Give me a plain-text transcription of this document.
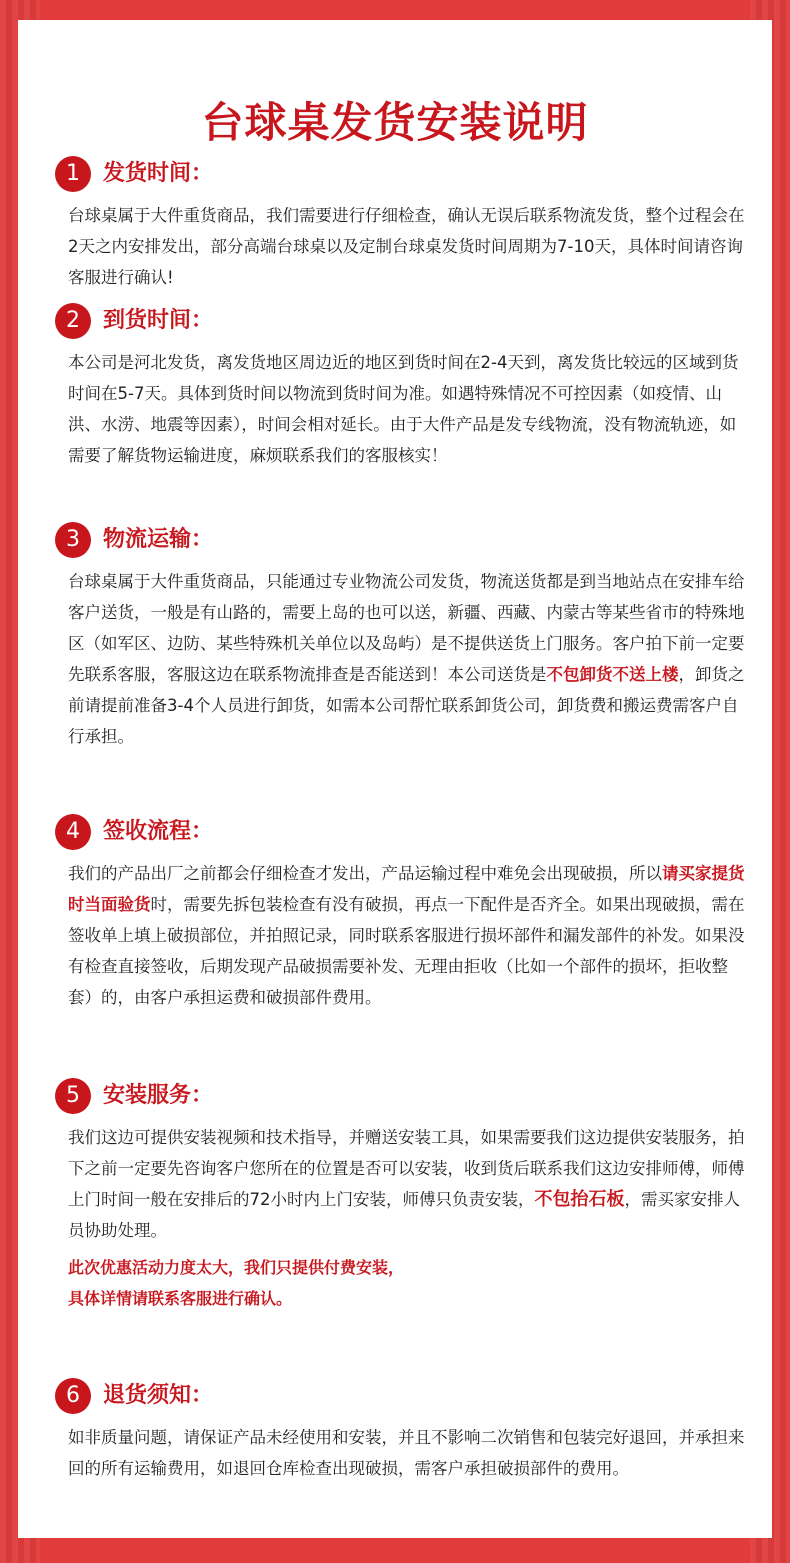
台球桌发货安装说明
1	发货时间：

台球桌属于大件重货商品，我们需要进行仔细检查，确认无误后联系物流发货，整个过程会在2天之内安排发出，部分高端台球桌以及定制台球桌发货时间周期为7-10天，具体时间请咨询客服进行确认!

2	到货时间：

本公司是河北发货，离发货地区周边近的地区到货时间在2-4天到，离发货比较远的区域到货时间在5-7天。具体到货时间以物流到货时间为准。如遇特殊情况不可控因素（如疫情、山洪、水涝、地震等因素），时间会相对延长。由于大件产品是发专线物流，没有物流轨迹，如需要了解货物运输进度，麻烦联系我们的客服核实！

3	物流运输：

台球桌属于大件重货商品，只能通过专业物流公司发货，物流送货都是到当地站点在安排车给客户送货，一般是有山路的，需要上岛的也可以送，新疆、西藏、内蒙古等某些省市的特殊地区（如军区、边防、某些特殊机关单位以及岛屿）是不提供送货上门服务。客户拍下前一定要先联系客服，客服这边在联系物流排查是否能送到！本公司送货是不包卸货不送上楼，卸货之前请提前准备3-4个人员进行卸货，如需本公司帮忙联系卸货公司，卸货费和搬运费需客户自行承担。

4	签收流程：

我们的产品出厂之前都会仔细检查才发出，产品运输过程中难免会出现破损，所以请买家提货时当面验货时，需要先拆包装检查有没有破损，再点一下配件是否齐全。如果出现破损，需在签收单上填上破损部位，并拍照记录，同时联系客服进行损坏部件和漏发部件的补发。如果没有检查直接签收，后期发现产品破损需要补发、无理由拒收（比如一个部件的损坏，拒收整套）的，由客户承担运费和破损部件费用。

5	安装服务：

我们这边可提供安装视频和技术指导，并赠送安装工具，如果需要我们这边提供安装服务，拍下之前一定要先咨询客户您所在的位置是否可以安装，收到货后联系我们这边安排师傅，师傅上门时间一般在安排后的72小时内上门安装，师傅只负责安装，不包抬石板，需买家安排人员协助处理。

此次优惠活动力度太大，我们只提供付费安装，

具体详情请联系客服进行确认。

6	退货须知：

如非质量问题，请保证产品未经使用和安装，并且不影响二次销售和包装完好退回，并承担来回的所有运输费用，如退回仓库检查出现破损，需客户承担破损部件的费用。
